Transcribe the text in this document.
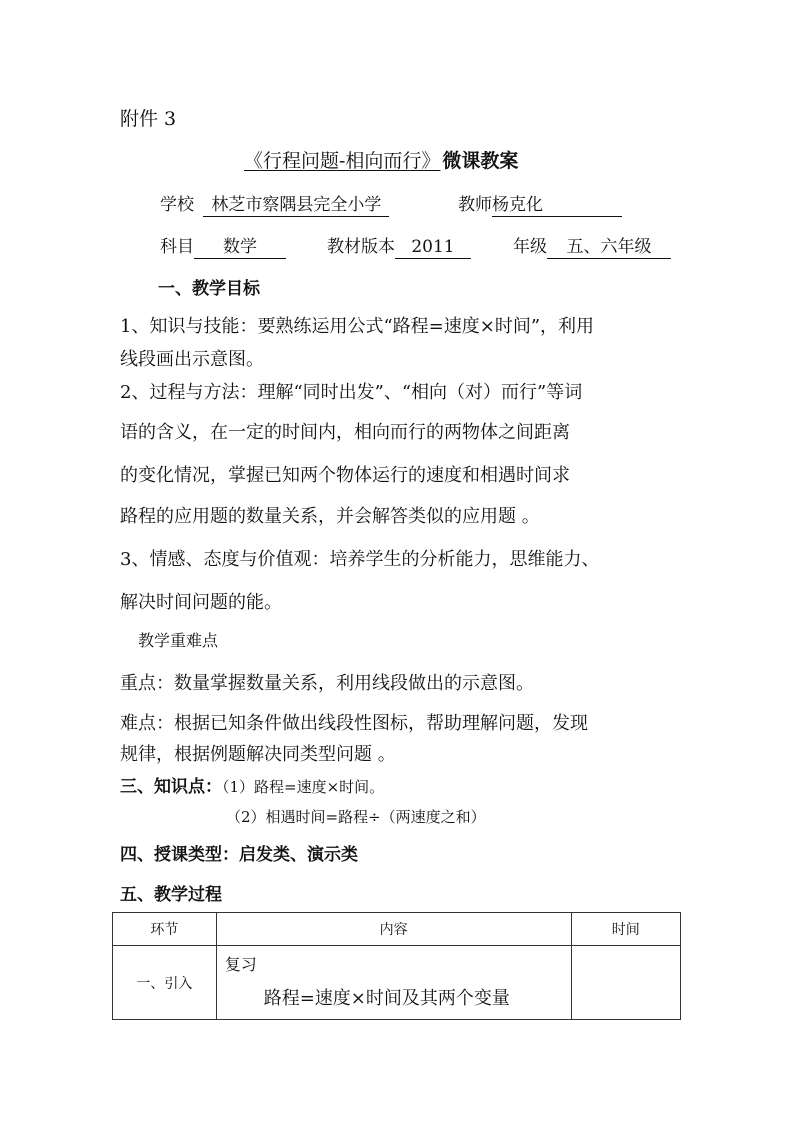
附件 3
《行程问题-相向而行》 微课教案
学校 林芝市察隅县完全小学	教师杨克化
科目 数学	教材版本 2011	年级 五、六年级
一、教学目标
1、知识与技能：要熟练运用公式“路程=速度×时间”，利用
线段画出示意图。
2、过程与方法：理解“同时出发”、“相向（对）而行”等词
语的含义，在一定的时间内，相向而行的两物体之间距离
的变化情况，掌握已知两个物体运行的速度和相遇时间求
路程的应用题的数量关系，并会解答类似的应用题 。
3、情感、态度与价值观：培养学生的分析能力，思维能力、
解决时间问题的能。
教学重难点
重点：数量掌握数量关系，利用线段做出的示意图。
难点：根据已知条件做出线段性图标，帮助理解问题，发现
规律，根据例题解决同类型问题 。
三、知识点：（1）路程=速度×时间。
（2）相遇时间=路程÷（两速度之和）
四、授课类型：启发类、演示类
五、教学过程
环节	内容	时间
一、引入	复习
路程=速度×时间及其两个变量	
